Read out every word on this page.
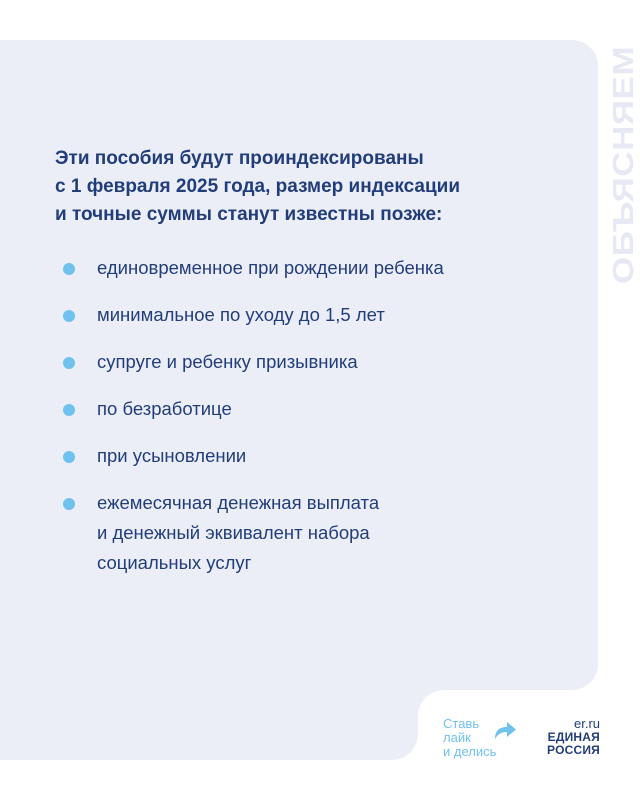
ОБЪЯСНЯЕМ
Эти пособия будут проиндексированы
с 1 февраля 2025 года, размер индексации
и точные суммы станут известны позже:
единовременное при рождении ребенка
минимальное по уходу до 1,5 лет
супруге и ребенку призывника
по безработице
при усыновлении
ежемесячная денежная выплата
и денежный эквивалент набора
социальных услуг
Ставь
лайк
и делись
er.ru
ЕДИНАЯ
РОССИЯ
